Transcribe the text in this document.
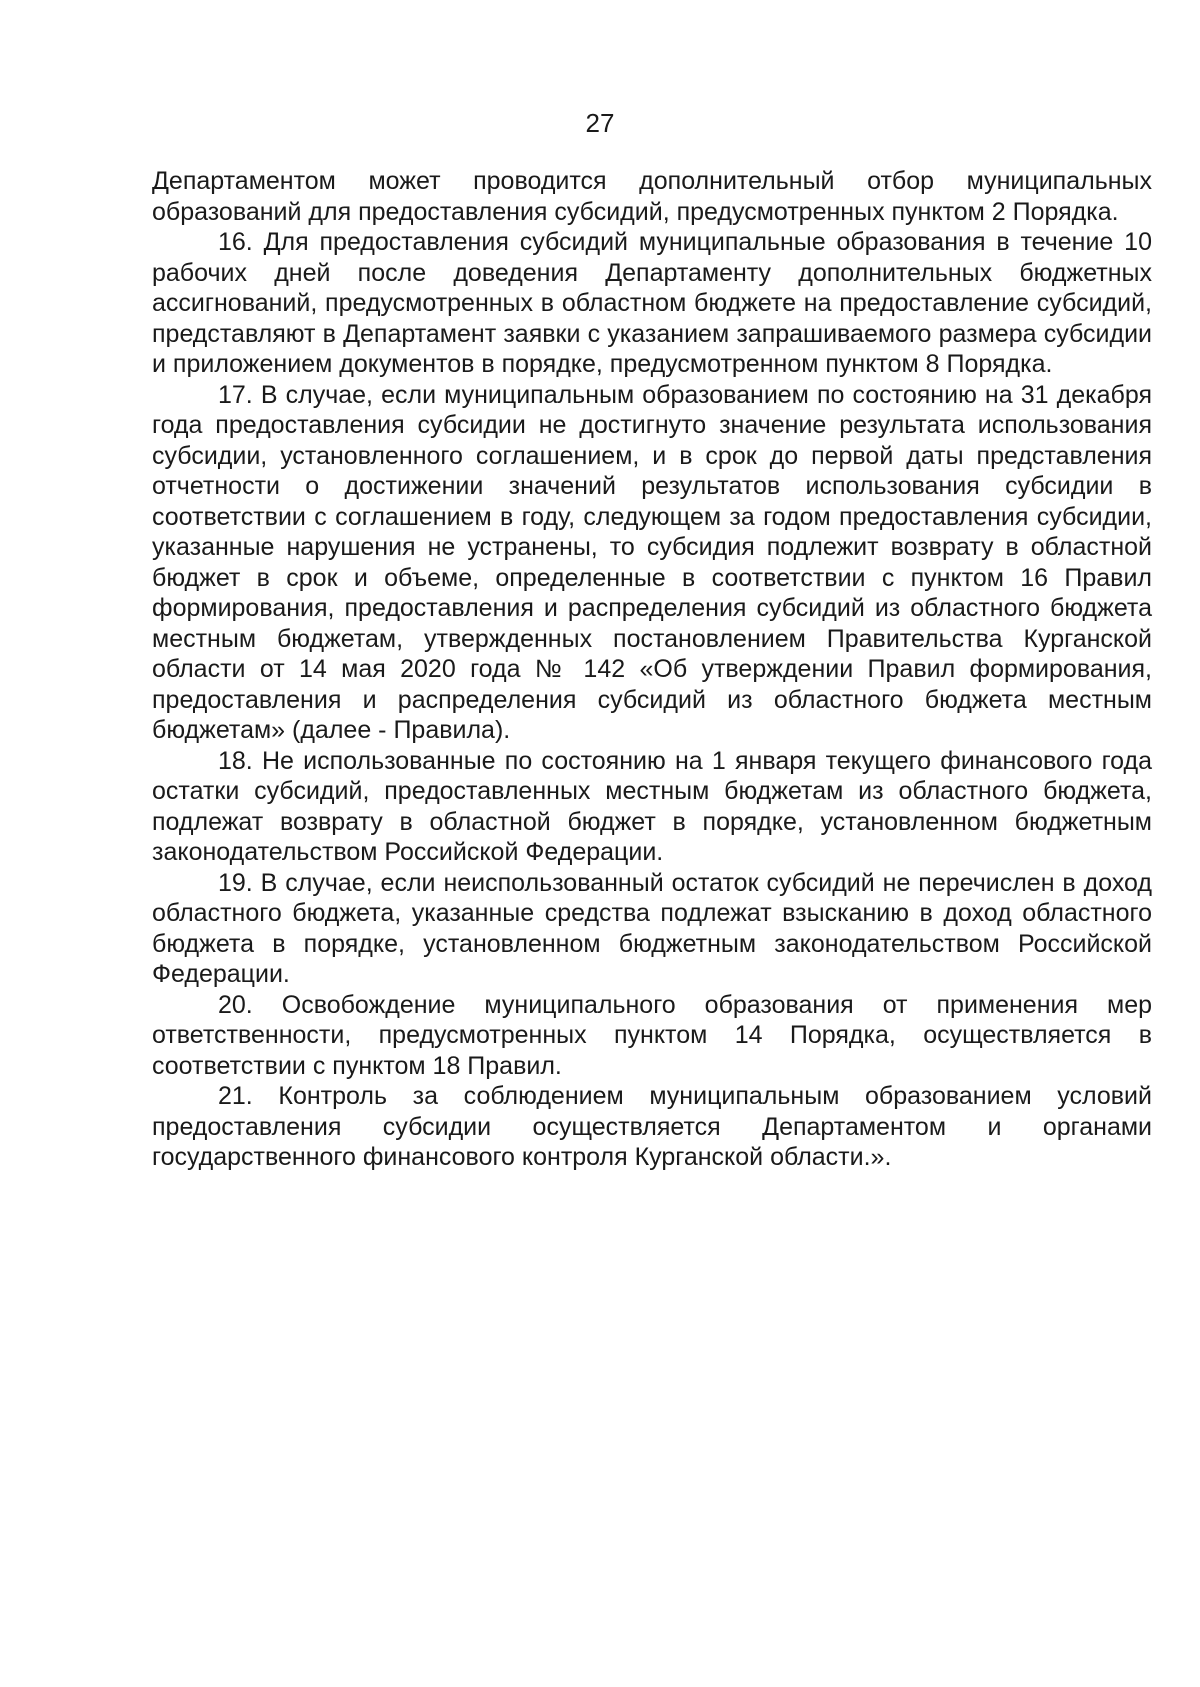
27

Департаментом может проводится дополнительный отбор муниципальных образований для предоставления субсидий, предусмотренных пунктом 2 Порядка.

16. Для предоставления субсидий муниципальные образования в течение 10 рабочих дней после доведения Департаменту дополнительных бюджетных ассигнований, предусмотренных в областном бюджете на предоставление субсидий, представляют в Департамент заявки с указанием запрашиваемого размера субсидии и приложением документов в порядке, предусмотренном пунктом 8 Порядка.

17. В случае, если муниципальным образованием по состоянию на 31 декабря года предоставления субсидии не достигнуто значение результата использования субсидии, установленного соглашением, и в срок до первой даты представления отчетности о достижении значений результатов использования субсидии в соответствии с соглашением в году, следующем за годом предоставления субсидии, указанные нарушения не устранены, то субсидия подлежит возврату в областной бюджет в срок и объеме, определенные в соответствии с пунктом 16 Правил формирования, предоставления и распределения субсидий из областного бюджета местным бюджетам, утвержденных постановлением Правительства Курганской области от 14 мая 2020 года № 142 «Об утверждении Правил формирования, предоставления и распределения субсидий из областного бюджета местным бюджетам» (далее - Правила).

18. Не использованные по состоянию на 1 января текущего финансового года остатки субсидий, предоставленных местным бюджетам из областного бюджета, подлежат возврату в областной бюджет в порядке, установленном бюджетным законодательством Российской Федерации.

19. В случае, если неиспользованный остаток субсидий не перечислен в доход областного бюджета, указанные средства подлежат взысканию в доход областного бюджета в порядке, установленном бюджетным законодательством Российской Федерации.

20. Освобождение муниципального образования от применения мер ответственности, предусмотренных пунктом 14 Порядка, осуществляется в соответствии с пунктом 18 Правил.

21. Контроль за соблюдением муниципальным образованием условий предоставления субсидии осуществляется Департаментом и органами государственного финансового контроля Курганской области.».
